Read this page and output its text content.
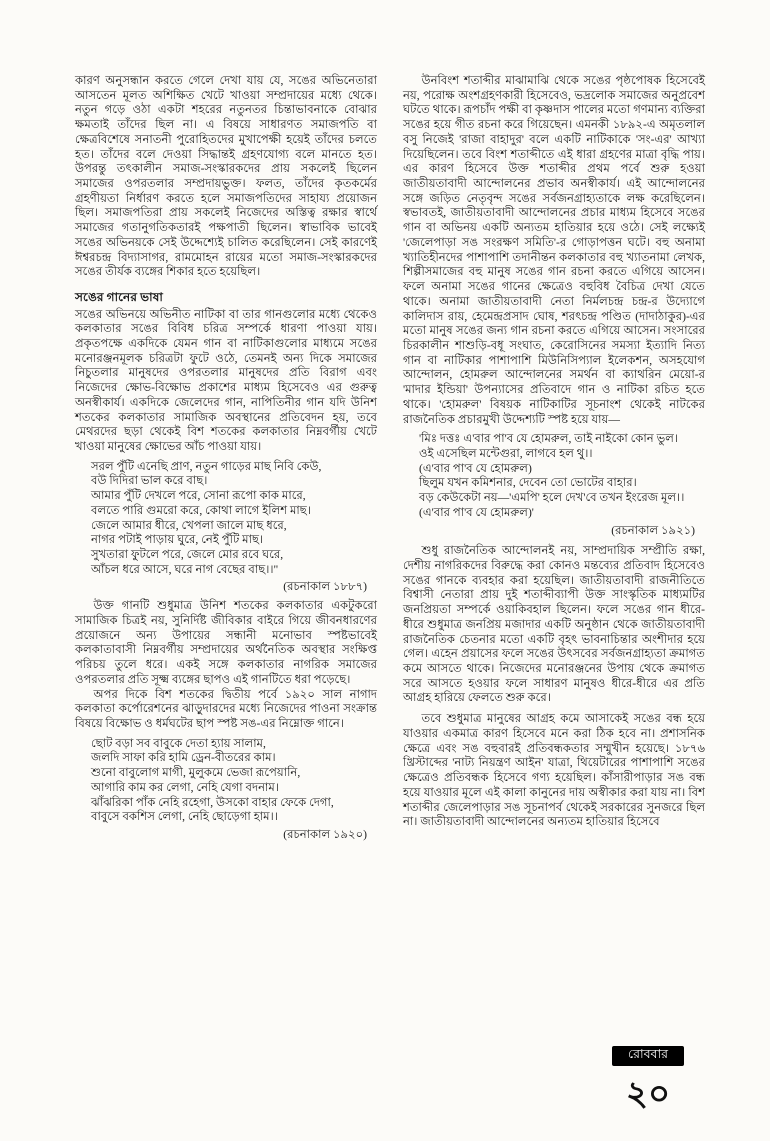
কারণ অনুসন্ধান করতে গেলে দেখা যায় যে, সঙের অভিনেতারা আসতেন মূলত অশিক্ষিত খেটে খাওয়া সম্প্রদায়ের মধ্যে থেকে। নতুন গড়ে ওঠা একটা শহরের নতুনতর চিন্তাভাবনাকে বোঝার ক্ষমতাই তাঁদের ছিল না। এ বিষয়ে সাধারণত সমাজপতি বা ক্ষেত্রবিশেষে সনাতনী পুরোহিতদের মুখাপেক্ষী হয়েই তাঁদের চলতে হত। তাঁদের বলে দেওয়া সিদ্ধান্তই গ্রহণযোগ্য বলে মানতে হত। উপরন্তু তৎকালীন সমাজ-সংস্কারকদের প্রায় সকলেই ছিলেন সমাজের ওপরতলার সম্প্রদায়ভুক্ত। ফলত, তাঁদের কৃতকর্মের গ্রহণীয়তা নির্ধারণ করতে হলে সমাজপতিদের সাহায্য প্রয়োজন ছিল। সমাজপতিরা প্রায় সকলেই নিজেদের অস্তিত্ব রক্ষার স্বার্থে সমাজের গতানুগতিকতারই পক্ষপাতী ছিলেন। স্বাভাবিক ভাবেই সঙের অভিনয়কে সেই উদ্দেশ্যেই চালিত করেছিলেন। সেই কারণেই ঈশ্বরচন্দ্র বিদ্যাসাগর, রামমোহন রায়ের মতো সমাজ-সংস্কারকদের সঙের তীর্যক ব্যঙ্গের শিকার হতে হয়েছিল।

সঙের গানের ভাষা

সঙের অভিনয়ে অভিনীত নাটিকা বা তার গানগুলোর মধ্যে থেকেও কলকাতার সঙের বিবিধ চরিত্র সম্পর্কে ধারণা পাওয়া যায়। প্রকৃতপক্ষে একদিকে যেমন গান বা নাটিকাগুলোর মাধ্যমে সঙের মনোরঞ্জনমূলক চরিত্রটা ফুটে ওঠে, তেমনই অন্য দিকে সমাজের নিচুতলার মানুষদের ওপরতলার মানুষদের প্রতি বিরাগ এবং নিজেদের ক্ষোভ-বিক্ষোভ প্রকাশের মাধ্যম হিসেবেও এর গুরুত্ব অনস্বীকার্য। একদিকে জেলেদের গান, নাপিতিনীর গান যদি উনিশ শতকের কলকাতার সামাজিক অবস্থানের প্রতিবেদন হয়, তবে মেথরদের ছড়া থেকেই বিশ শতকের কলকাতার নিম্নবর্গীয় খেটে খাওয়া মানুষের ক্ষোভের আঁচ পাওয়া যায়।

সরল পুঁটি এনেছি প্রাণ, নতুন গাড়ের মাছ নিবি কেউ,
বউ দিদিরা ভাল করে বাছ।
আমার পুঁটি দেখলে পরে, সোনা রূপো কাক মারে,
বলতে পারি গুমরো করে, কোথা লাগে ইলিশ মাছ।
জেলে আমার ধীরে, খেপলা জালে মাছ ধরে,
নাগর পটাই পাড়ায় ঘুরে, নেই পুঁটি মাছ।
সুখতারা ফুটলে পরে, জেলে মোর রবে ঘরে,
আঁচল ধরে আসে, ঘরে নাগ বেছের বাছ।।"
(রচনাকাল ১৮৮৭)

উক্ত গানটি শুধুমাত্র উনিশ শতকের কলকাতার একটুকরো সামাজিক চিত্রই নয়, সুনির্দিষ্ট জীবিকার বাইরে গিয়ে জীবনধারণের প্রয়োজনে অন্য উপায়ের সন্ধানী মনোভাব স্পষ্টভাবেই কলকাতাবাসী নিম্নবর্গীয় সম্প্রদায়ের অর্থনৈতিক অবস্থার সংক্ষিপ্ত পরিচয় তুলে ধরে। একই সঙ্গে কলকাতার নাগরিক সমাজের ওপরতলার প্রতি সূক্ষ্ম ব্যঙ্গের ছাপও এই গানটিতে ধরা পড়েছে।

অপর দিকে বিশ শতকের দ্বিতীয় পর্বে ১৯২০ সাল নাগাদ কলকাতা কর্পোরেশনের ঝাড়ুদারদের মধ্যে নিজেদের পাওনা সংক্রান্ত বিষয়ে বিক্ষোভ ও ধর্মঘটের ছাপ স্পষ্ট সঙ-এর নিম্নোক্ত গানে।

ছোট বড়া সব বাবুকে দেতা হ্যায় সালাম,
জলদি সাফা করি হামি ড্রেন-বীতরের কাম।
শুনো বাবুলোগ মাগী, মুলুকমে ভেজা রূপেয়ানি,
আগারি কাম কর লেগা, নেহি যেগা বদনাম।
ঝাঁঝরিকা পাঁক নেহি রহেগা, উসকো বাহার ফেকে দেগা,
বাবুসে বকশিস লেগা, নেহি ছোড়েগা হাম।।
(রচনাকাল ১৯২০)

উনবিংশ শতাব্দীর মাঝামাঝি থেকে সঙের পৃষ্ঠপোষক হিসেবেই নয়, পরোক্ষ অংশগ্রহণকারী হিসেবেও, ভদ্রলোক সমাজের অনুপ্রবেশ ঘটতে থাকে। রূপচাঁদ পক্ষী বা কৃষ্ণদাস পালের মতো গণমান্য ব্যক্তিরা সঙের হয়ে গীত রচনা করে গিয়েছেন। এমনকী ১৮৯২-এ অমৃতলাল বসু নিজেই 'রাজা বাহাদুর' বলে একটি নাটিকাকে 'সং-এর' আখ্যা দিয়েছিলেন। তবে বিংশ শতাব্দীতে এই ধারা গ্রহণের মাত্রা বৃদ্ধি পায়। এর কারণ হিসেবে উক্ত শতাব্দীর প্রথম পর্বে শুরু হওয়া জাতীয়তাবাদী আন্দোলনের প্রভাব অনস্বীকার্য। এই আন্দোলনের সঙ্গে জড়িত নেতৃবৃন্দ সঙের সর্বজনগ্রাহ্যতাকে লক্ষ করেছিলেন। স্বভাবতই, জাতীয়তাবাদী আন্দোলনের প্রচার মাধ্যম হিসেবে সঙের গান বা অভিনয় একটি অন্যতম হাতিয়ার হয়ে ওঠে। সেই লক্ষ্যেই 'জেলেপাড়া সঙ সংরক্ষণ সমিতি'-র গোড়াপত্তন ঘটে। বহু অনামা খ্যাতিহীনদের পাশাপাশি তদানীন্তন কলকাতার বহু খ্যাতনামা লেখক, শিল্পীসমাজের বহু মানুষ সঙের গান রচনা করতে এগিয়ে আসেন। ফলে অনামা সঙের গানের ক্ষেত্রেও বহুবিধ বৈচিত্র দেখা যেতে থাকে। অনামা জাতীয়তাবাদী নেতা নির্মলচন্দ্র চন্দ্র-র উদ্যোগে কালিদাস রায়, হেমেন্দ্রপ্রসাদ ঘোষ, শরৎচন্দ্র পণ্ডিত (দাদাঠাকুর)-এর মতো মানুষ সঙের জন্য গান রচনা করতে এগিয়ে আসেন। সংসারের চিরকালীন শাশুড়ি-বধূ সংঘাত, কেরোসিনের সমস্যা ইত্যাদি নিত্য গান বা নাটিকার পাশাপাশি মিউনিসিপ্যাল ইলেকশন, অসহযোগ আন্দোলন, হোমরুল আন্দোলনের সমর্থন বা ক্যাথরিন মেয়ো-র 'মাদার ইন্ডিয়া' উপন্যাসের প্রতিবাদে গান ও নাটিকা রচিত হতে থাকে। 'হোমরুল' বিষয়ক নাটিকাটির সূচনাংশ থেকেই নাটকের রাজনৈতিক প্রচারমুখী উদ্দেশ্যটি স্পষ্ট হয়ে যায়—

'মিঃ দত্তঃ এ'বার পা'ব যে হোমরুল, তাই নাইকো কোন ভুল।
ওই এসেছিল মন্টেগুরা, লাগবে হল থু।।
(এ'বার পা'ব যে হোমরুল)
ছিলুম যখন কমিশনার, দেবেন তো ভোটের বাহার।
বড় কেউকেটা নয়—'এমপি' হলে দেখ'বে তখন ইংরেজ মূল।।
(এ'বার পা'ব যে হোমরুল)'
(রচনাকাল ১৯২১)

শুধু রাজনৈতিক আন্দোলনই নয়, সাম্প্রদায়িক সম্প্রীতি রক্ষা, দেশীয় নাগরিকদের বিরুদ্ধে করা কোনও মন্তব্যের প্রতিবাদ হিসেবেও সঙের গানকে ব্যবহার করা হয়েছিল। জাতীয়তাবাদী রাজনীতিতে বিশ্বাসী নেতারা প্রায় দুই শতাব্দীব্যাপী উক্ত সাংস্কৃতিক মাধ্যমটির জনপ্রিয়তা সম্পর্কে ওয়াকিবহাল ছিলেন। ফলে সঙের গান ধীরে-ধীরে শুধুমাত্র জনপ্রিয় মজাদার একটি অনুষ্ঠান থেকে জাতীয়তাবাদী রাজনৈতিক চেতনার মতো একটি বৃহৎ ভাবনাচিন্তার অংশীদার হয়ে গেল। এহেন প্রয়াসের ফলে সঙের উৎসবের সর্বজনগ্রাহ্যতা ক্রমাগত কমে আসতে থাকে। নিজেদের মনোরঞ্জনের উপায় থেকে ক্রমাগত সরে আসতে হওয়ার ফলে সাধারণ মানুষও ধীরে-ধীরে এর প্রতি আগ্রহ হারিয়ে ফেলতে শুরু করে।

তবে শুধুমাত্র মানুষের আগ্রহ কমে আসাকেই সঙের বন্ধ হয়ে যাওয়ার একমাত্র কারণ হিসেবে মনে করা ঠিক হবে না। প্রশাসনিক ক্ষেত্রে এবং সঙ বহুবারই প্রতিবন্ধকতার সম্মুখীন হয়েছে। ১৮৭৬ খ্রিস্টাব্দের 'নাট্য নিয়ন্ত্রণ আইন' যাত্রা, থিয়েটারের পাশাপাশি সঙের ক্ষেত্রেও প্রতিবন্ধক হিসেবে গণ্য হয়েছিল। কাঁসারীপাড়ার সঙ বন্ধ হয়ে যাওয়ার মূলে এই কালা কানুনের দায় অস্বীকার করা যায় না। বিশ শতাব্দীর জেলেপাড়ার সঙ সূচনাপর্ব থেকেই সরকারের সুনজরে ছিল না। জাতীয়তাবাদী আন্দোলনের অন্যতম হাতিয়ার হিসেবে

রোববার
২০
